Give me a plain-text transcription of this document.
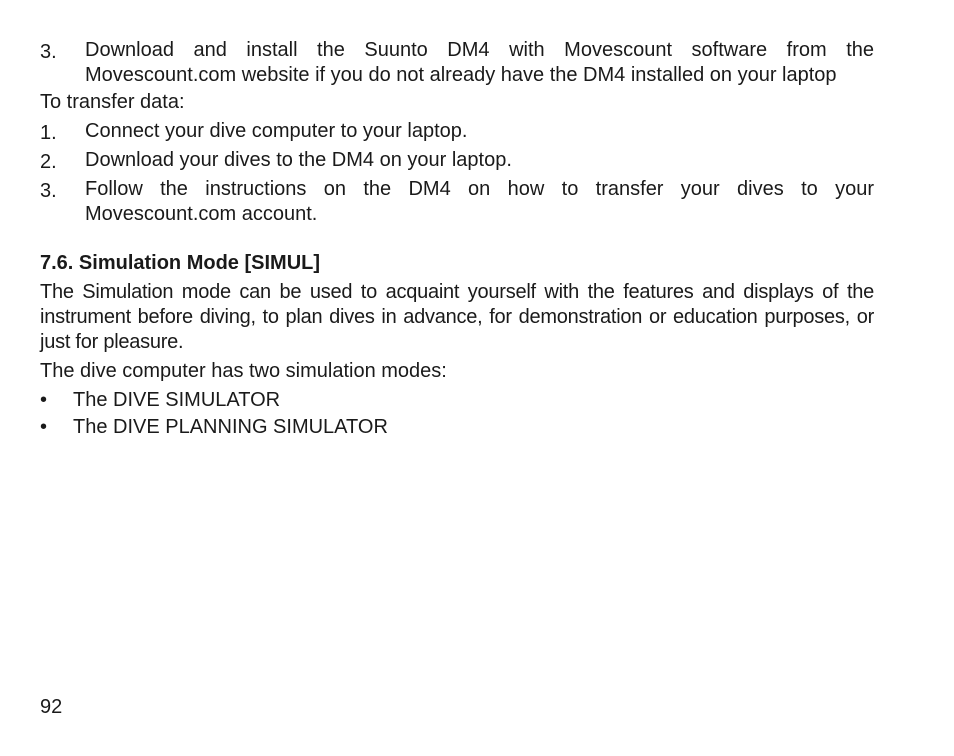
3.	Download and install the Suunto DM4 with Movescount software from the Movescount.com website if you do not already have the DM4 installed on your laptop

To transfer data:

1.	Connect your dive computer to your laptop.
2.	Download your dives to the DM4 on your laptop.
3.	Follow the instructions on the DM4 on how to transfer your dives to your Movescount.com account.
7.6. Simulation Mode [SIMUL]

The Simulation mode can be used to acquaint yourself with the features and displays of the instrument before diving, to plan dives in advance, for demonstration or education purposes, or just for pleasure.

The dive computer has two simulation modes:

•	The DIVE SIMULATOR
•	The DIVE PLANNING SIMULATOR
92
